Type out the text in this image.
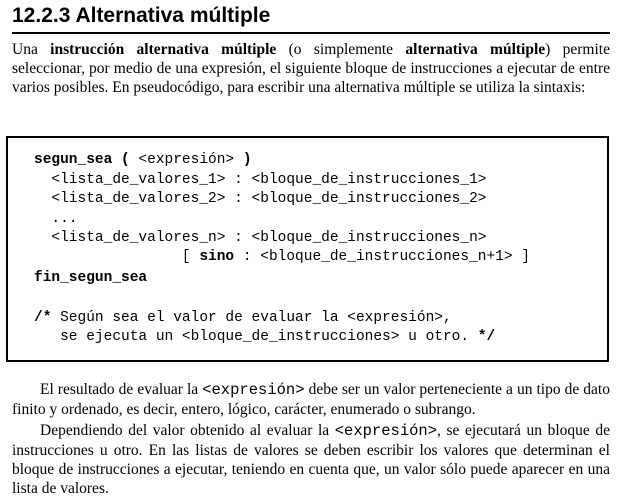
12.2.3 Alternativa múltiple
Una instrucción alternativa múltiple (o simplemente alternativa múltiple) permite seleccionar, por medio de una expresión, el siguiente bloque de instrucciones a ejecutar de entre varios posibles. En pseudocódigo, para escribir una alternativa múltiple se utiliza la sintaxis:
segun_sea ( <expresión> )
<lista_de_valores_1> : <bloque_de_instrucciones_1>
<lista_de_valores_2> : <bloque_de_instrucciones_2>
...
<lista_de_valores_n> : <bloque_de_instrucciones_n>
[ sino : <bloque_de_instrucciones_n+1> ]
fin_segun_sea
/* Según sea el valor de evaluar la <expresión>,
se ejecuta un <bloque_de_instrucciones> u otro. */
El resultado de evaluar la <expresión> debe ser un valor perteneciente a un tipo de dato finito y ordenado, es decir, entero, lógico, carácter, enumerado o subrango.
Dependiendo del valor obtenido al evaluar la <expresión>, se ejecutará un bloque de instrucciones u otro. En las listas de valores se deben escribir los valores que determinan el bloque de instrucciones a ejecutar, teniendo en cuenta que, un valor sólo puede aparecer en una lista de valores.
